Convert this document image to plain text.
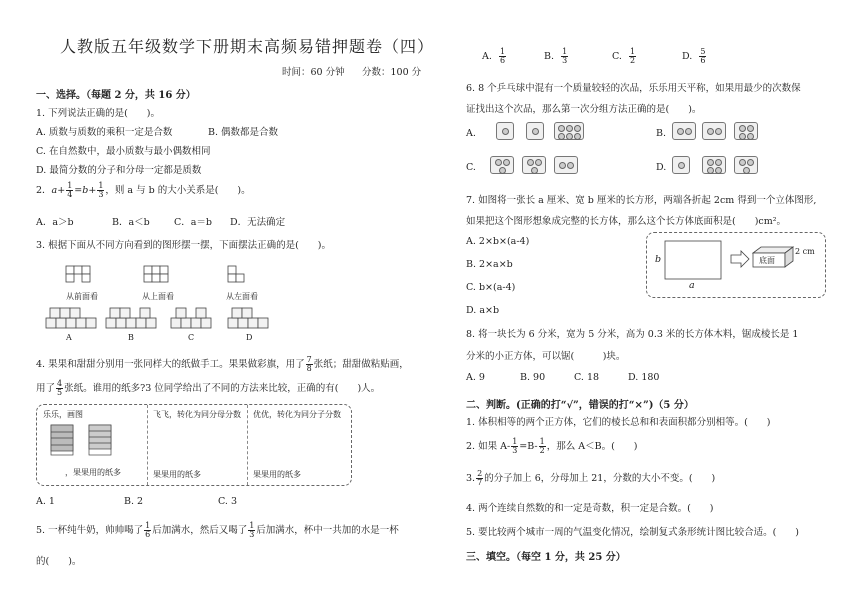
人教版五年级数学下册期末高频易错押题卷（四）
时间：60 分钟 分数：100 分
一、选择。（每题 2 分，共 16 分）
1. 下列说法正确的是(　　)。
A. 质数与质数的乘积一定是合数	B. 偶数都是合数
C. 在自然数中，最小质数与最小偶数相同
D. 最简分数的分子和分母一定都是质数
2．$a+ \frac{1}{4} =b+ \frac{1}{3}$ ，则 a 与 b 的大小关系是(　　)。
A．a＞b	B．a＜b	C．a＝b D．无法确定
3. 根据下面从不同方向看到的图形摆一摆，下面摆法正确的是(　　)。
从前面看	从上面看	从左面看
A	B	C	D
4. 果果和甜甜分别用一张同样大的纸做手工。果果做彩旗，用了 $\frac{7}{8}$ 张纸；甜甜做粘贴画，
用了 $\frac{4}{5}$ 张纸。谁用的纸多?3 位同学给出了不同的方法来比较，正确的有(　　)人。
乐乐，画图	飞飞，转化为同分母分数 优优，转化为同分子分数
，果果用的纸多	果果用的纸多	果果用的纸多
A. 1	B. 2	C. 3
5. 一杯纯牛奶，帅帅喝了 $\frac{1}{6}$ 后加满水，然后又喝了 $\frac{1}{3}$ 后加满水，杯中一共加的水是一杯
的(　　)。
A. $\frac{1}{6}$	B. $\frac{1}{3}$	C. $\frac{1}{2}$	D. $\frac{5}{6}$
6. 8 个乒乓球中混有一个质量较轻的次品，乐乐用天平称，如果用最少的次数保
证找出这个次品，那么第一次分组方法正确的是(　　)。
A.	B.
C.	D.
7. 如图将一张长 a 厘米、宽 b 厘米的长方形，两端各折起 2cm 得到一个立体图形,
如果把这个图形想象成完整的长方体，那么这个长方体底面积是(　　)cm²。
A. 2×b×(a-4)
B. 2×a×b
C. b×(a-4)
D. a×b
b
a
底面
2 cm
8. 将一块长为 6 分米，宽为 5 分米，高为 0.3 米的长方体木料，锯成棱长是 1
分米的小正方体，可以锯(　　　)块。
A. 9	B. 90	C. 18	D. 180
二、判断。(正确的打“√”，错误的打“×”)（5 分）
1. 体积相等的两个正方体，它们的棱长总和和表面积都分别相等。(　　)
2. 如果 $A- \frac{1}{3} =B- \frac{1}{2}$ ，那么 A＜B。(　　)
3. $\frac{2}{7}$ 的分子加上 6，分母加上 21，分数的大小不变。(　　)
4. 两个连续自然数的和一定是奇数，积一定是合数。(　　)
5. 要比较两个城市一周的气温变化情况，绘制复式条形统计图比较合适。(　　)
三、填空。（每空 1 分，共 25 分）
